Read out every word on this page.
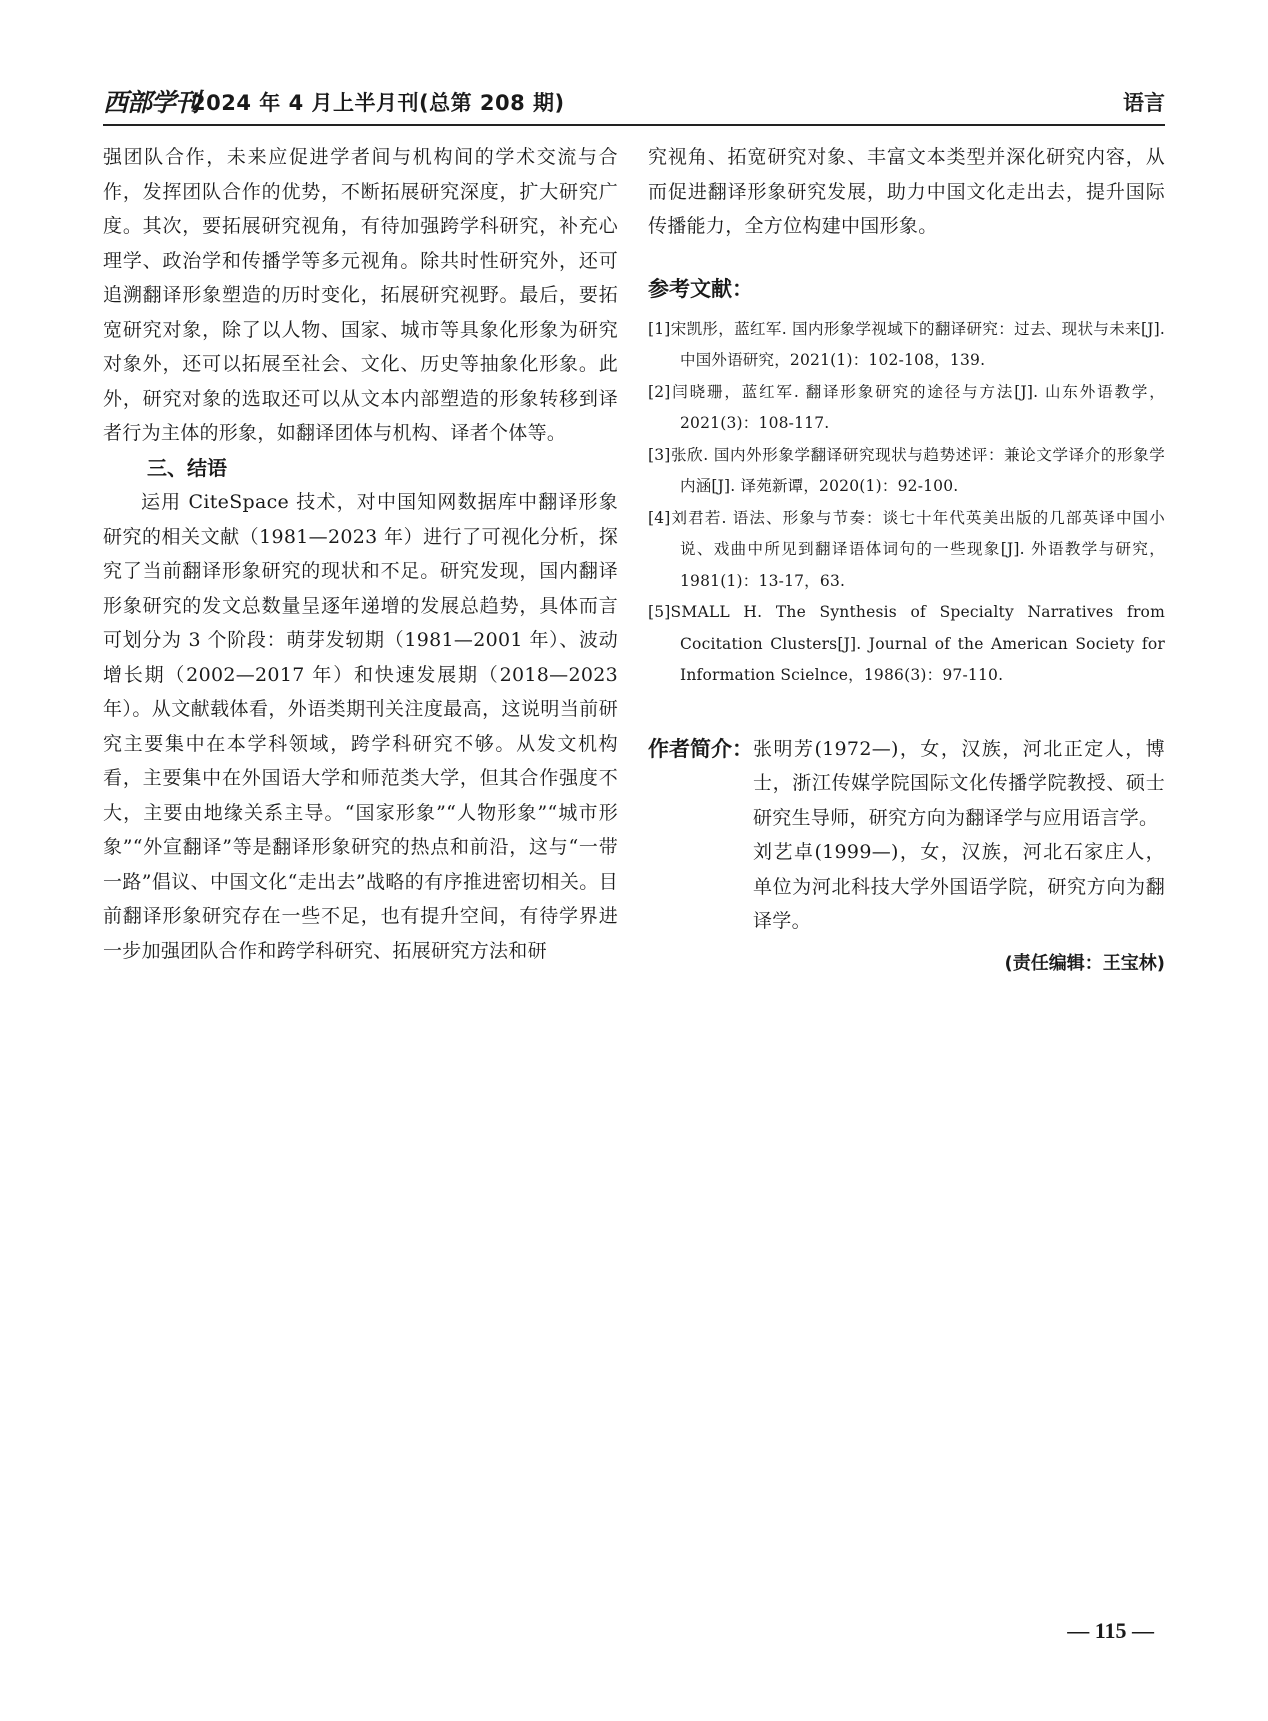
西部学刊
2024 年 4 月上半月刊(总第 208 期)	语言

强团队合作，未来应促进学者间与机构间的学术交流与合作，发挥团队合作的优势，不断拓展研究深度，扩大研究广度。其次，要拓展研究视角，有待加强跨学科研究，补充心理学、政治学和传播学等多元视角。除共时性研究外，还可追溯翻译形象塑造的历时变化，拓展研究视野。最后，要拓宽研究对象，除了以人物、国家、城市等具象化形象为研究对象外，还可以拓展至社会、文化、历史等抽象化形象。此外，研究对象的选取还可以从文本内部塑造的形象转移到译者行为主体的形象，如翻译团体与机构、译者个体等。

三、结语

运用 CiteSpace 技术，对中国知网数据库中翻译形象研究的相关文献（1981—2023 年）进行了可视化分析，探究了当前翻译形象研究的现状和不足。研究发现，国内翻译形象研究的发文总数量呈逐年递增的发展总趋势，具体而言可划分为 3 个阶段：萌芽发轫期（1981—2001 年）、波动增长期（2002—2017 年）和快速发展期（2018—2023 年）。从文献载体看，外语类期刊关注度最高，这说明当前研究主要集中在本学科领域，跨学科研究不够。从发文机构看，主要集中在外国语大学和师范类大学，但其合作强度不大，主要由地缘关系主导。“国家形象”“人物形象”“城市形象”“外宣翻译”等是翻译形象研究的热点和前沿，这与“一带一路”倡议、中国文化“走出去”战略的有序推进密切相关。目前翻译形象研究存在一些不足，也有提升空间，有待学界进一步加强团队合作和跨学科研究、拓展研究方法和研

究视角、拓宽研究对象、丰富文本类型并深化研究内容，从而促进翻译形象研究发展，助力中国文化走出去，提升国际传播能力，全方位构建中国形象。

参考文献：
[1]宋凯彤，蓝红军. 国内形象学视域下的翻译研究：过去、现状与未来[J]. 中国外语研究，2021(1)：102-108，139.
[2]闫晓珊，蓝红军. 翻译形象研究的途径与方法[J]. 山东外语教学，2021(3)：108-117.
[3]张欣. 国内外形象学翻译研究现状与趋势述评：兼论文学译介的形象学内涵[J]. 译苑新谭，2020(1)：92-100.
[4]刘君若. 语法、形象与节奏：谈七十年代英美出版的几部英译中国小说、戏曲中所见到翻译语体词句的一些现象[J]. 外语教学与研究，1981(1)：13-17，63.
[5]SMALL H. The Synthesis of Specialty Narratives from Cocitation Clusters[J]. Journal of the American Society for Information Scielnce，1986(3)：97-110.
作者简介： 张明芳(1972—)，女，汉族，河北正定人，博士，浙江传媒学院国际文化传播学院教授、硕士研究生导师，研究方向为翻译学与应用语言学。

刘艺卓(1999—)，女，汉族，河北石家庄人，单位为河北科技大学外国语学院，研究方向为翻译学。

(责任编辑：王宝林)
— 115 —
